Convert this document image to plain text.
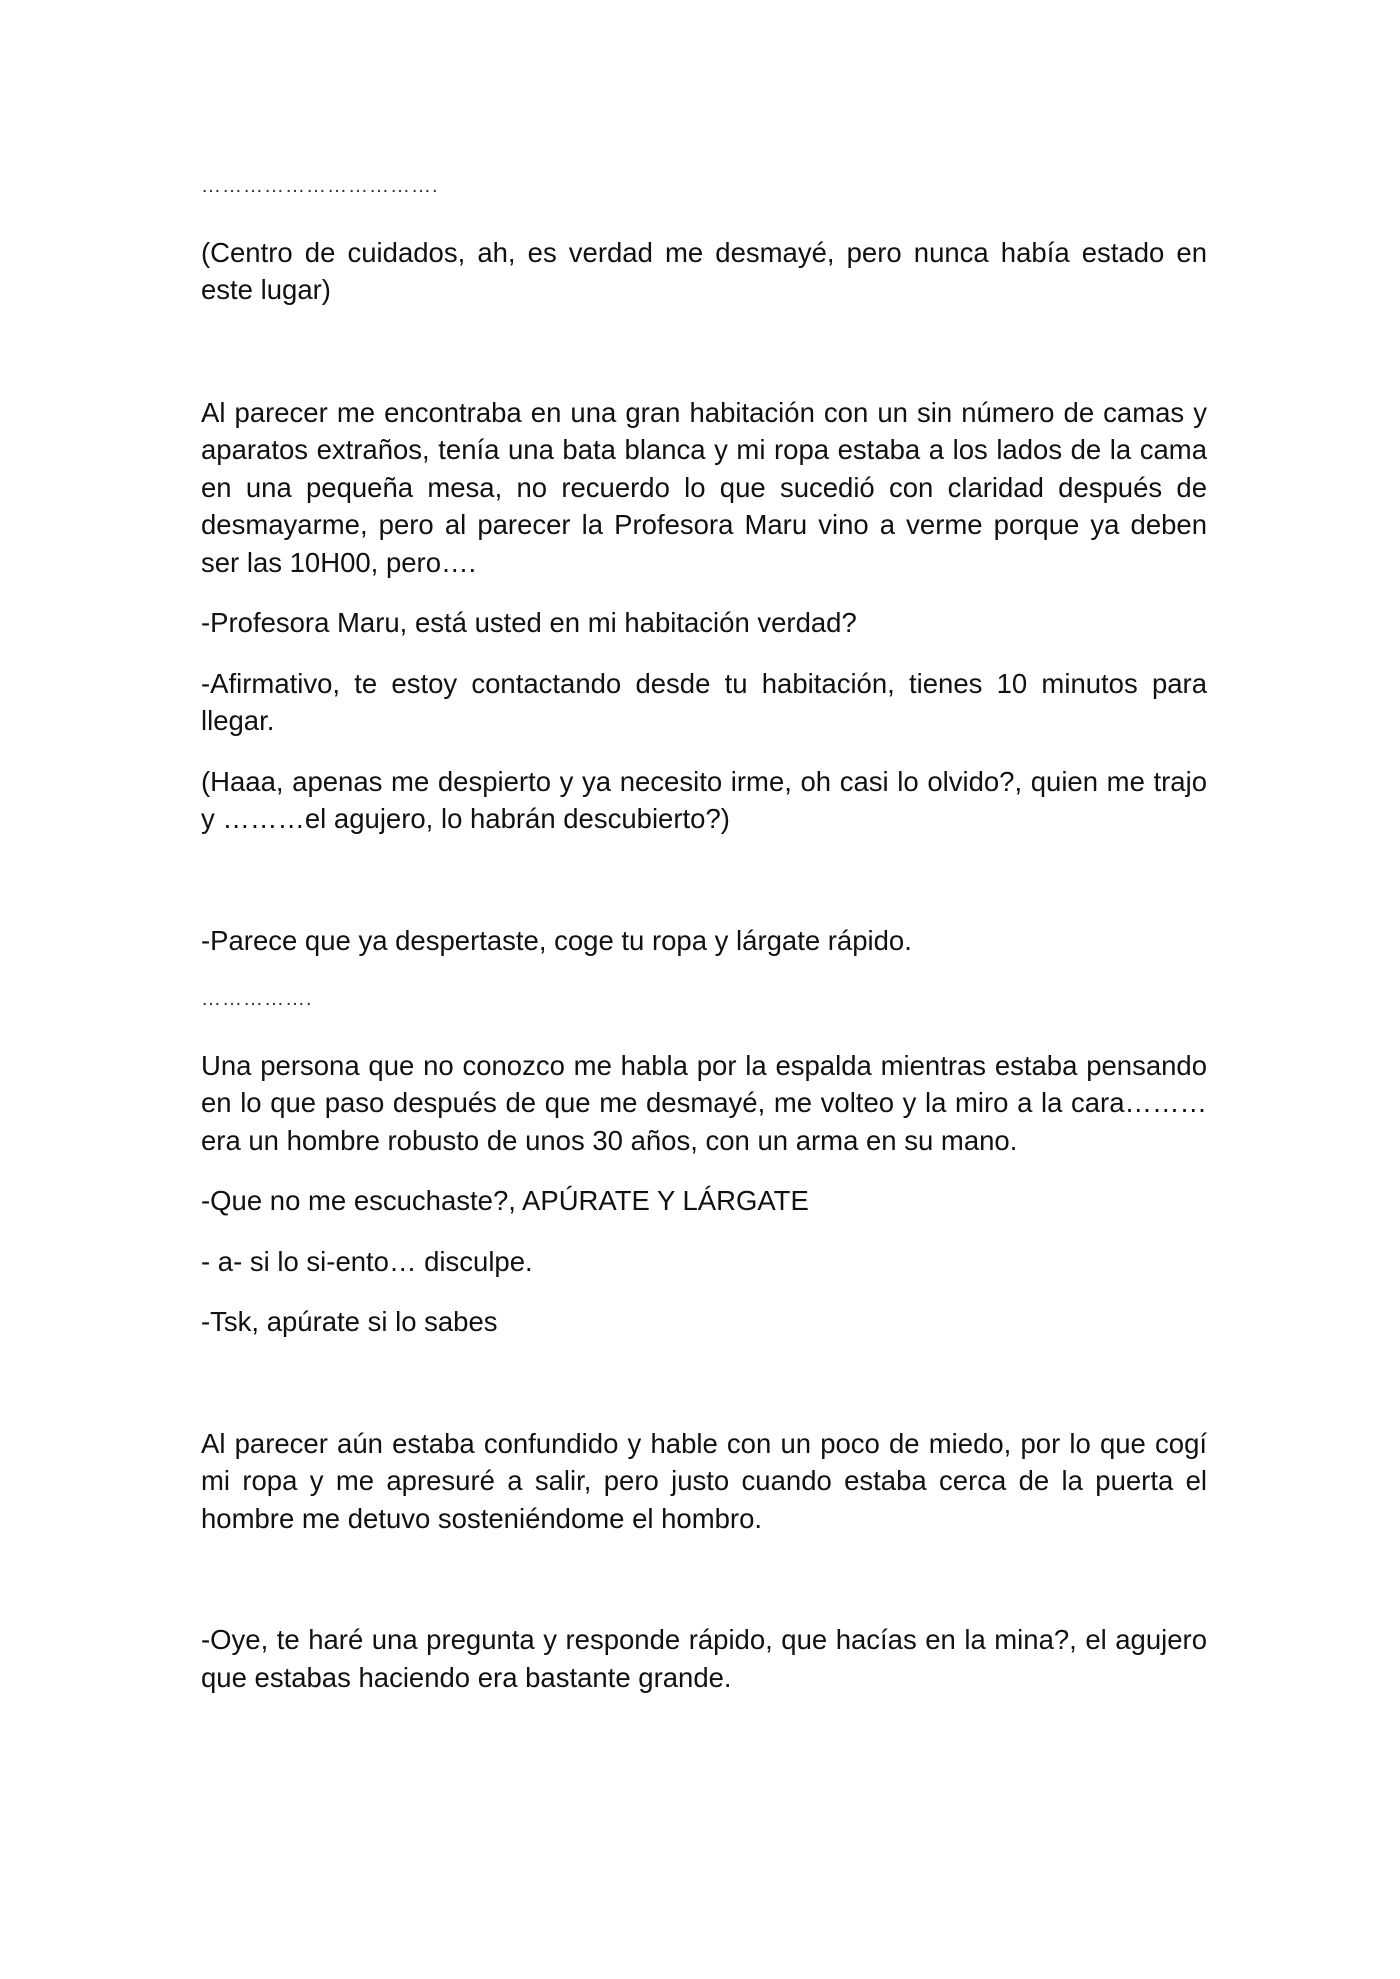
…………………………….

(Centro de cuidados, ah, es verdad me desmayé, pero nunca había estado en este lugar)

Al parecer me encontraba en una gran habitación con un sin número de camas y aparatos extraños, tenía una bata blanca y mi ropa estaba a los lados de la cama en una pequeña mesa, no recuerdo lo que sucedió con claridad después de desmayarme, pero al parecer la Profesora Maru vino a verme porque ya deben ser las 10H00, pero….

-Profesora Maru, está usted en mi habitación verdad?

-Afirmativo, te estoy contactando desde tu habitación, tienes 10 minutos para llegar.

(Haaa, apenas me despierto y ya necesito irme, oh casi lo olvido?, quien me trajo y ………el agujero, lo habrán descubierto?)

-Parece que ya despertaste, coge tu ropa y lárgate rápido.

…………….

Una persona que no conozco me habla por la espalda mientras estaba pensando en lo que paso después de que me desmayé, me volteo y la miro a la cara……… era un hombre robusto de unos 30 años, con un arma en su mano.

-Que no me escuchaste?, APÚRATE Y LÁRGATE

- a- si lo si-ento… disculpe.

-Tsk, apúrate si lo sabes

Al parecer aún estaba confundido y hable con un poco de miedo, por lo que cogí mi ropa y me apresuré a salir, pero justo cuando estaba cerca de la puerta el hombre me detuvo sosteniéndome el hombro.

-Oye, te haré una pregunta y responde rápido, que hacías en la mina?, el agujero que estabas haciendo era bastante grande.
